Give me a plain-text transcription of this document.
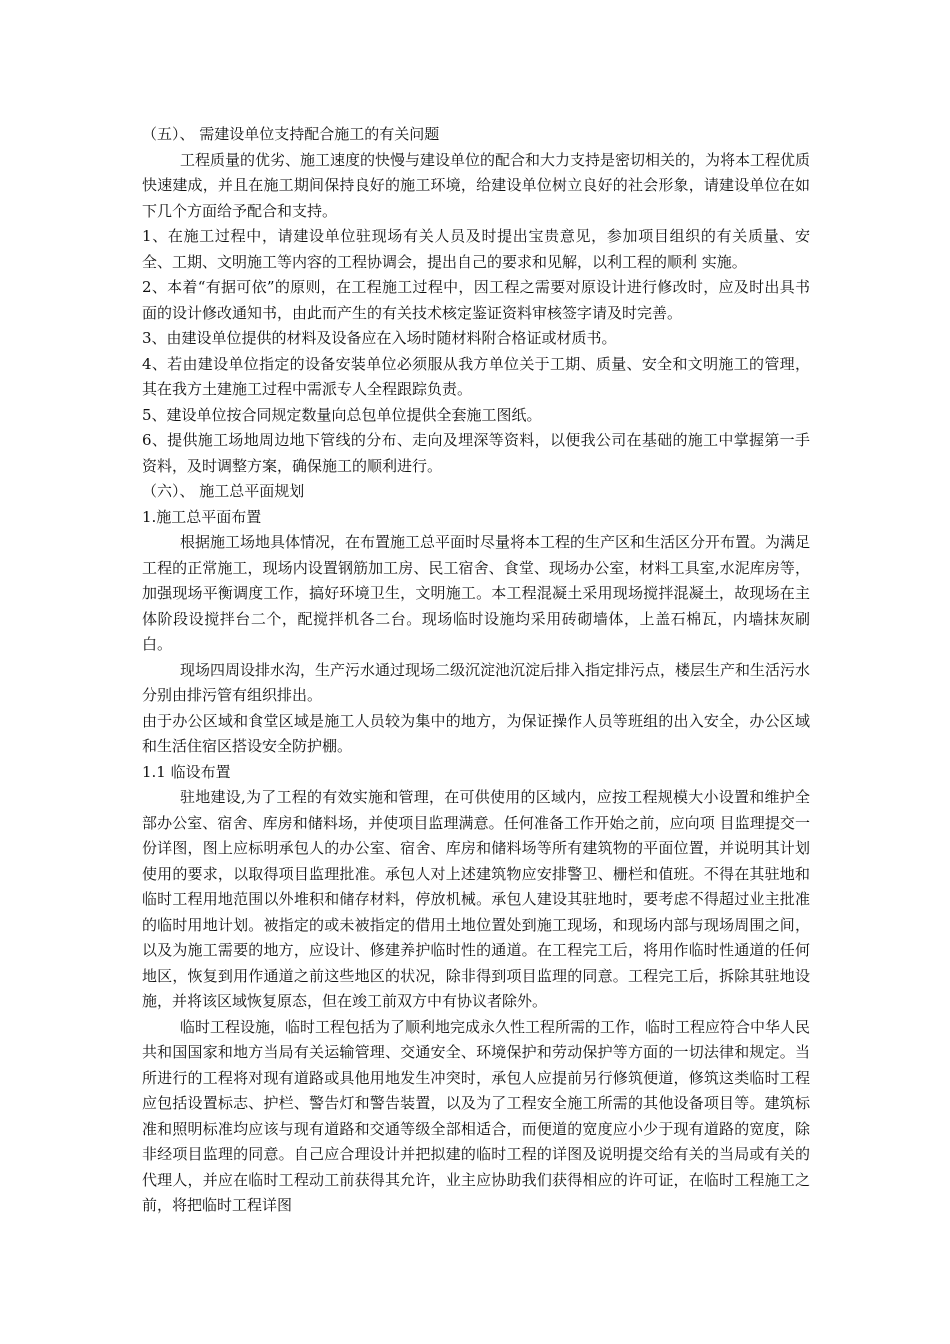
（五）、 需建设单位支持配合施工的有关问题

工程质量的优劣、施工速度的快慢与建设单位的配合和大力支持是密切相关的，为将本工程优质快速建成，并且在施工期间保持良好的施工环境，给建设单位树立良好的社会形象，请建设单位在如下几个方面给予配合和支持。

1、在施工过程中，请建设单位驻现场有关人员及时提出宝贵意见，参加项目组织的有关质量、安全、工期、文明施工等内容的工程协调会，提出自己的要求和见解，以利工程的顺利 实施。

2、本着“有据可依”的原则，在工程施工过程中，因工程之需要对原设计进行修改时，应及时出具书面的设计修改通知书，由此而产生的有关技术核定鉴证资料审核签字请及时完善。

3、由建设单位提供的材料及设备应在入场时随材料附合格证或材质书。

4、若由建设单位指定的设备安装单位必须服从我方单位关于工期、质量、安全和文明施工的管理，其在我方土建施工过程中需派专人全程跟踪负责。

5、建设单位按合同规定数量向总包单位提供全套施工图纸。

6、提供施工场地周边地下管线的分布、走向及埋深等资料，以便我公司在基础的施工中掌握第一手资料，及时调整方案，确保施工的顺利进行。

（六）、 施工总平面规划

1.施工总平面布置

根据施工场地具体情况，在布置施工总平面时尽量将本工程的生产区和生活区分开布置。为满足工程的正常施工，现场内设置钢筋加工房、民工宿舍、食堂、现场办公室，材料工具室,水泥库房等，加强现场平衡调度工作，搞好环境卫生，文明施工。本工程混凝土采用现场搅拌混凝土，故现场在主体阶段设搅拌台二个，配搅拌机各二台。现场临时设施均采用砖砌墙体，上盖石棉瓦，内墙抹灰刷白。

现场四周设排水沟，生产污水通过现场二级沉淀池沉淀后排入指定排污点，楼层生产和生活污水分别由排污管有组织排出。

由于办公区域和食堂区域是施工人员较为集中的地方，为保证操作人员等班组的出入安全，办公区域和生活住宿区搭设安全防护棚。

1.1 临设布置

驻地建设,为了工程的有效实施和管理，在可供使用的区域内，应按工程规模大小设置和维护全部办公室、宿舍、库房和储料场，并使项目监理满意。任何准备工作开始之前，应向项 目监理提交一份详图，图上应标明承包人的办公室、宿舍、库房和储料场等所有建筑物的平面位置，并说明其计划使用的要求，以取得项目监理批准。承包人对上述建筑物应安排警卫、栅栏和值班。不得在其驻地和临时工程用地范围以外堆积和储存材料，停放机械。承包人建设其驻地时，要考虑不得超过业主批准的临时用地计划。被指定的或未被指定的借用土地位置处到施工现场，和现场内部与现场周围之间，以及为施工需要的地方，应设计、修建养护临时性的通道。在工程完工后，将用作临时性通道的任何地区，恢复到用作通道之前这些地区的状况，除非得到项目监理的同意。工程完工后，拆除其驻地设施，并将该区域恢复原态，但在竣工前双方中有协议者除外。

临时工程设施，临时工程包括为了顺利地完成永久性工程所需的工作，临时工程应符合中华人民共和国国家和地方当局有关运输管理、交通安全、环境保护和劳动保护等方面的一切法律和规定。当所进行的工程将对现有道路或具他用地发生冲突时，承包人应提前另行修筑便道，修筑这类临时工程应包括设置标志、护栏、警告灯和警告装置，以及为了工程安全施工所需的其他设备项目等。建筑标准和照明标准均应该与现有道路和交通等级全部相适合，而便道的宽度应小少于现有道路的宽度，除非经项目监理的同意。自己应合理设计并把拟建的临时工程的详图及说明提交给有关的当局或有关的代理人，并应在临时工程动工前获得其允许，业主应协助我们获得相应的许可证，在临时工程施工之前，将把临时工程详图
